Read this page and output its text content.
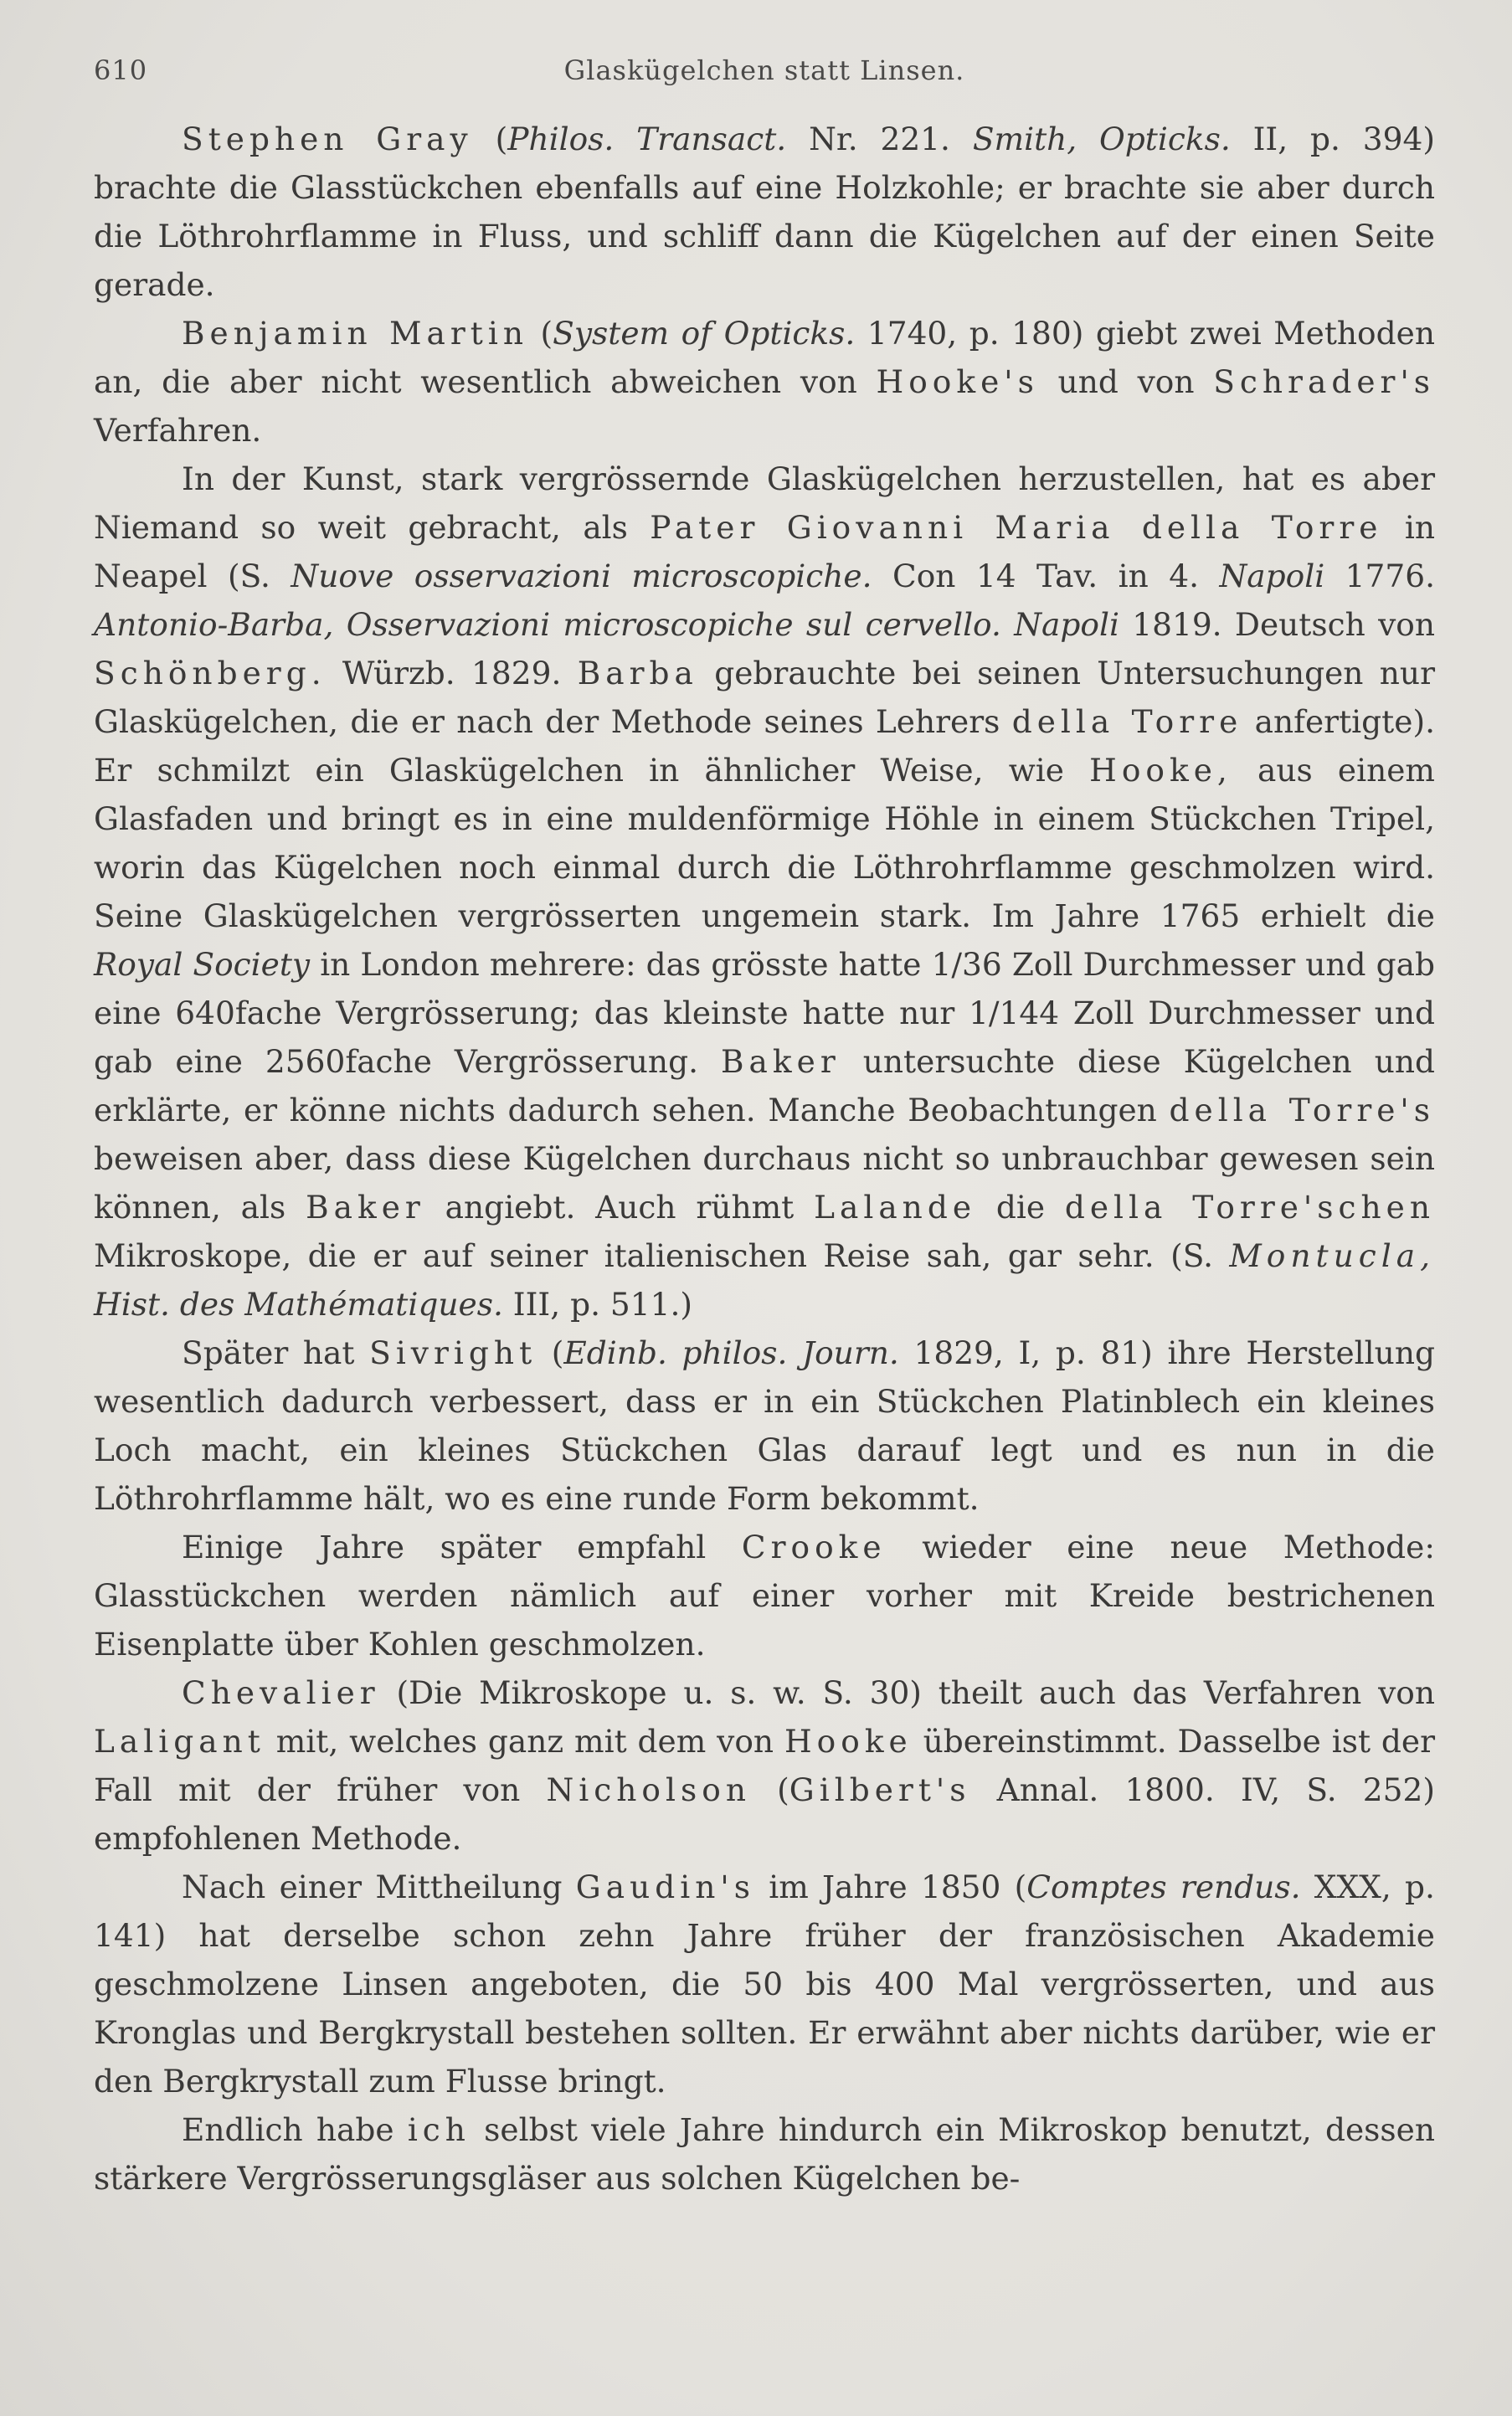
610	Glaskügelchen statt Linsen.

Stephen Gray (Philos. Transact. Nr. 221. Smith, Opticks. II, p. 394) brachte die Glasstückchen ebenfalls auf eine Holzkohle; er brachte sie aber durch die Löthrohrflamme in Fluss, und schliff dann die Kügelchen auf der einen Seite gerade.

Benjamin Martin (System of Opticks. 1740, p. 180) giebt zwei Methoden an, die aber nicht wesentlich abweichen von Hooke's und von Schrader's Verfahren.

In der Kunst, stark vergrössernde Glaskügelchen herzustellen, hat es aber Niemand so weit gebracht, als Pater Giovanni Maria della Torre in Neapel (S. Nuove osservazioni microscopiche. Con 14 Tav. in 4. Napoli 1776. Antonio-Barba, Osservazioni microscopiche sul cervello. Napoli 1819. Deutsch von Schönberg. Würzb. 1829. Barba gebrauchte bei seinen Untersuchungen nur Glaskügelchen, die er nach der Methode seines Lehrers della Torre anfertigte). Er schmilzt ein Glaskügelchen in ähnlicher Weise, wie Hooke, aus einem Glasfaden und bringt es in eine muldenförmige Höhle in einem Stückchen Tripel, worin das Kügelchen noch einmal durch die Löthrohrflamme geschmolzen wird. Seine Glaskügelchen vergrösserten ungemein stark. Im Jahre 1765 erhielt die Royal Society in London mehrere: das grösste hatte 1/36 Zoll Durchmesser und gab eine 640fache Vergrösserung; das kleinste hatte nur 1/144 Zoll Durchmesser und gab eine 2560fache Vergrösserung. Baker untersuchte diese Kügelchen und erklärte, er könne nichts dadurch sehen. Manche Beobachtungen della Torre's beweisen aber, dass diese Kügelchen durchaus nicht so unbrauchbar gewesen sein können, als Baker angiebt. Auch rühmt Lalande die della Torre'schen Mikroskope, die er auf seiner italienischen Reise sah, gar sehr. (S. Montucla, Hist. des Mathématiques. III, p. 511.)

Später hat Sivright (Edinb. philos. Journ. 1829, I, p. 81) ihre Herstellung wesentlich dadurch verbessert, dass er in ein Stückchen Platinblech ein kleines Loch macht, ein kleines Stückchen Glas darauf legt und es nun in die Löthrohrflamme hält, wo es eine runde Form bekommt.

Einige Jahre später empfahl Crooke wieder eine neue Methode: Glasstückchen werden nämlich auf einer vorher mit Kreide bestrichenen Eisenplatte über Kohlen geschmolzen.

Chevalier (Die Mikroskope u. s. w. S. 30) theilt auch das Verfahren von Laligant mit, welches ganz mit dem von Hooke übereinstimmt. Dasselbe ist der Fall mit der früher von Nicholson (Gilbert's Annal. 1800. IV, S. 252) empfohlenen Methode.

Nach einer Mittheilung Gaudin's im Jahre 1850 (Comptes rendus. XXX, p. 141) hat derselbe schon zehn Jahre früher der französischen Akademie geschmolzene Linsen angeboten, die 50 bis 400 Mal vergrösserten, und aus Kronglas und Bergkrystall bestehen sollten. Er erwähnt aber nichts darüber, wie er den Bergkrystall zum Flusse bringt.

Endlich habe ich selbst viele Jahre hindurch ein Mikroskop benutzt, dessen stärkere Vergrösserungsgläser aus solchen Kügelchen be-
